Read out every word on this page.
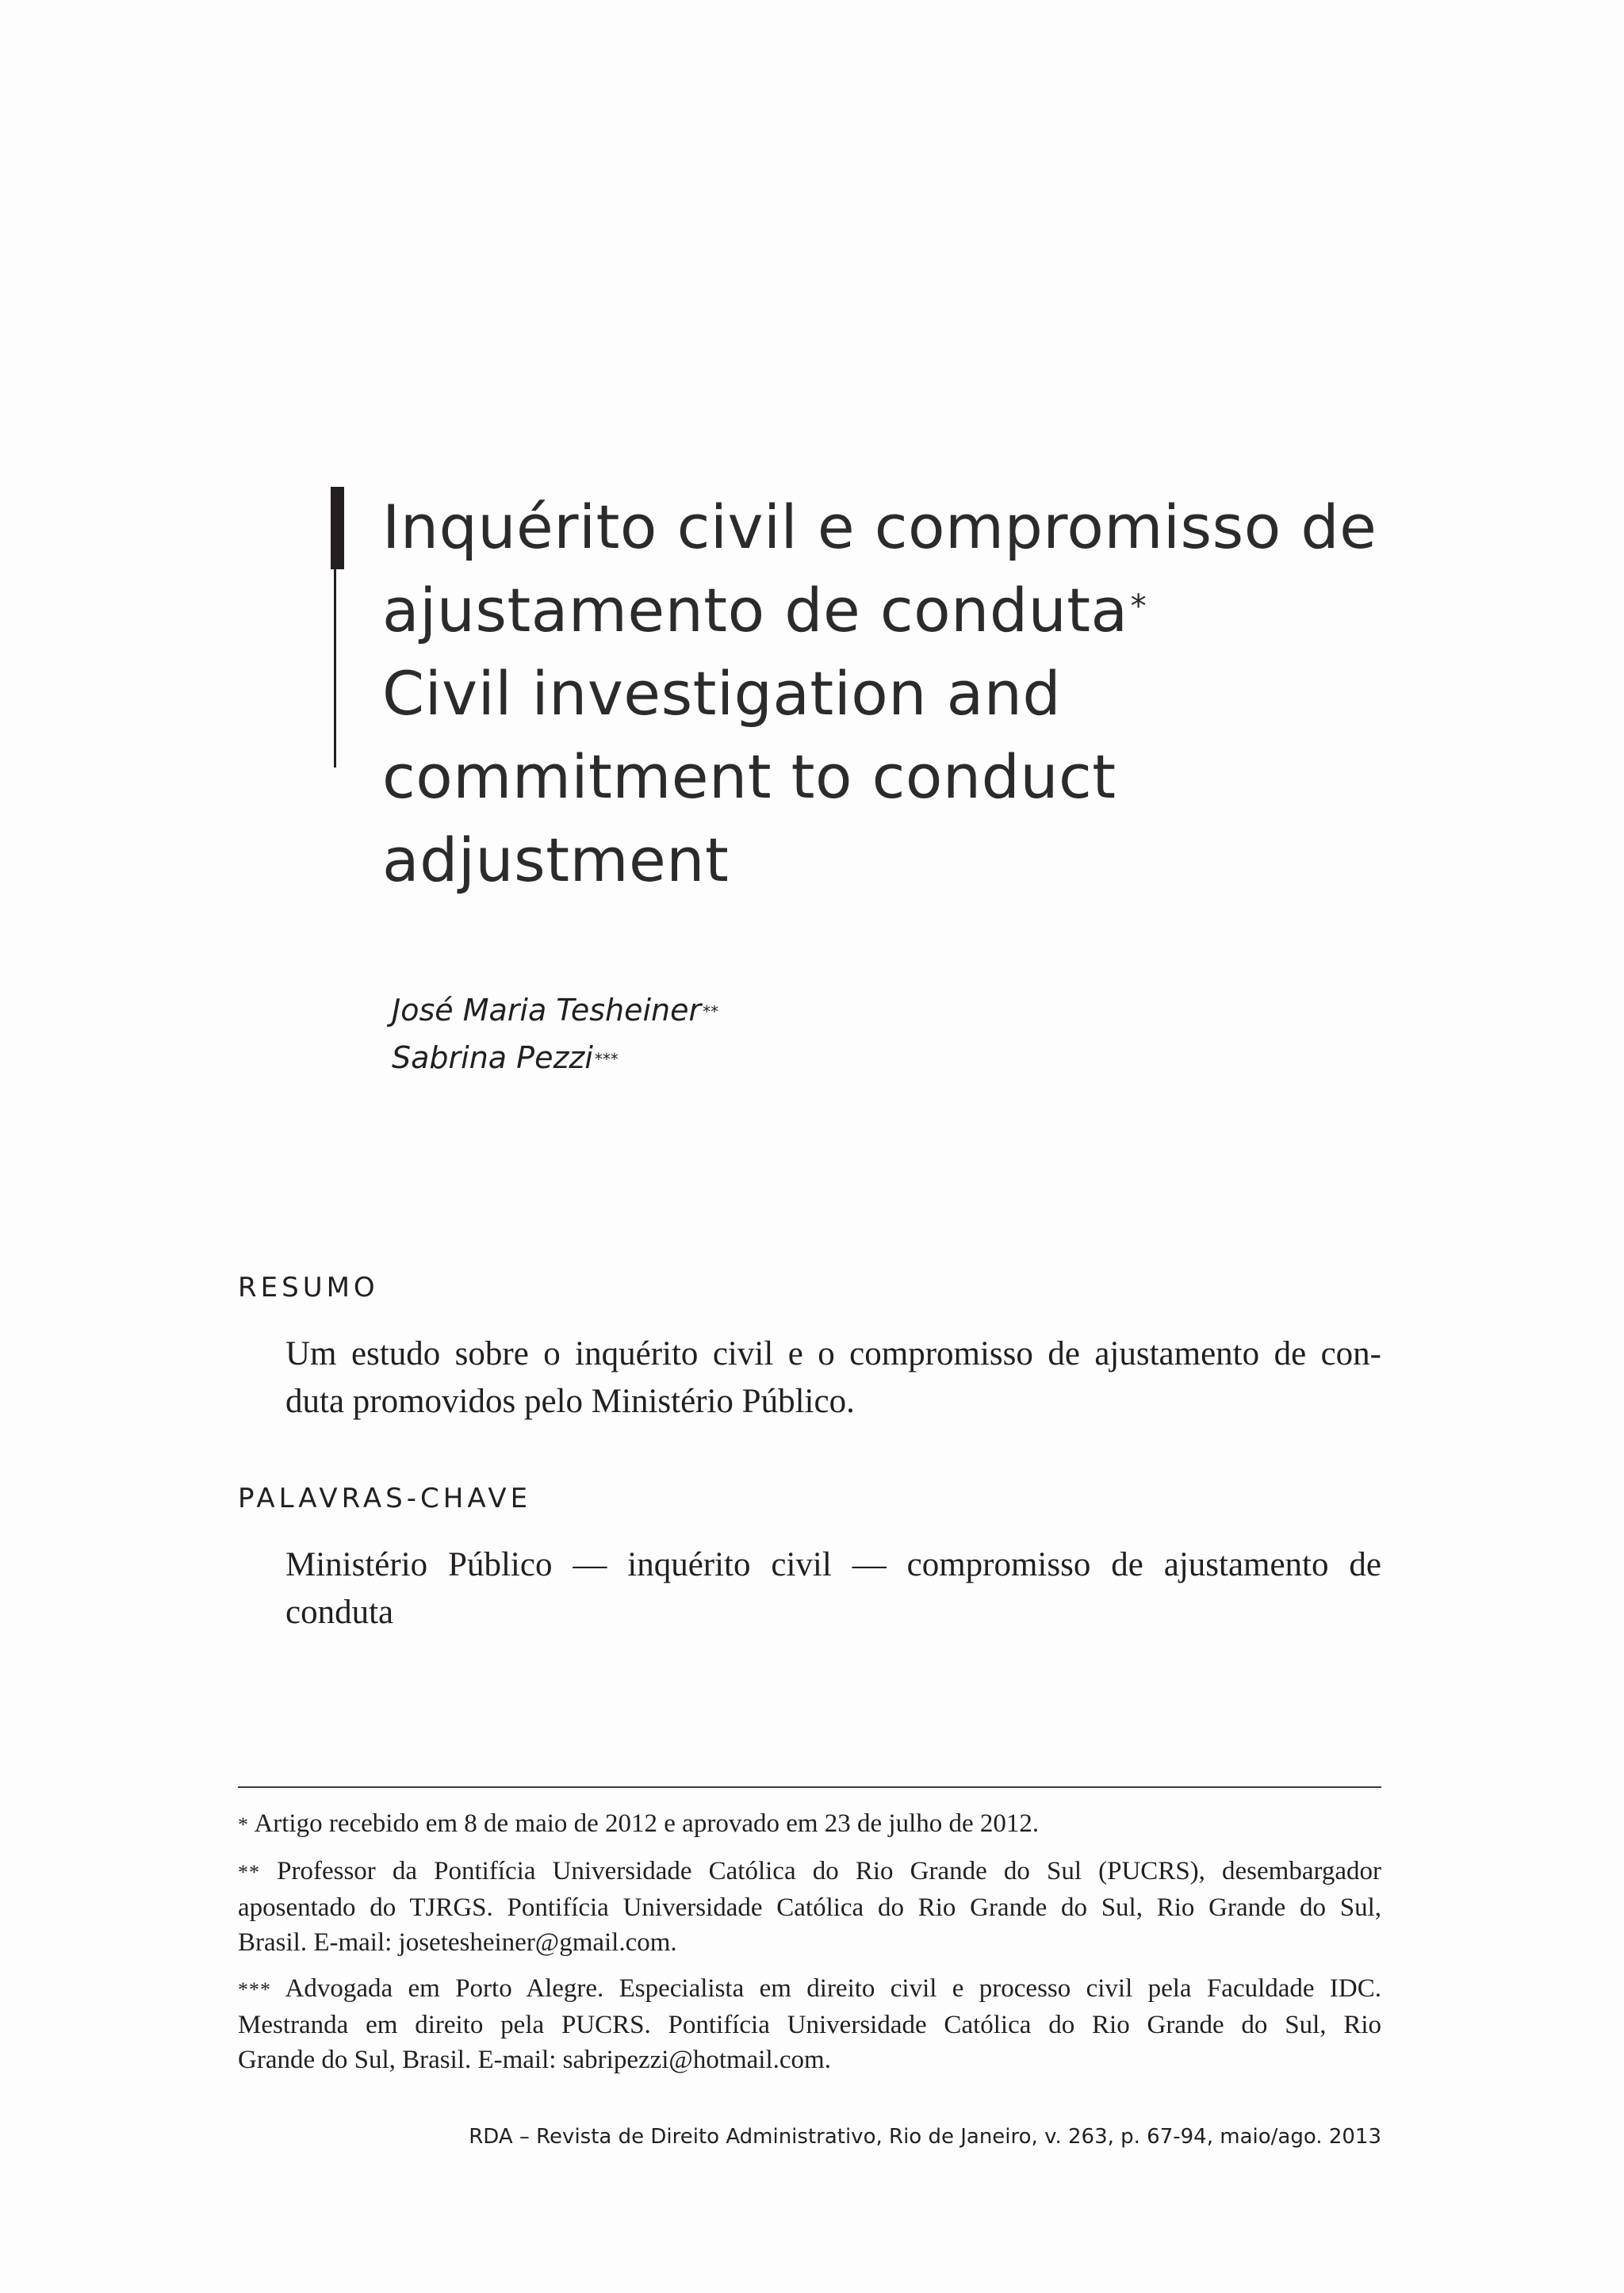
Inquérito civil e compromisso de
ajustamento de conduta*
Civil investigation and
commitment to conduct
adjustment
José Maria Tesheiner **
Sabrina Pezzi ***
RESUMO
Um estudo sobre o inquérito civil e o compromisso de ajustamento de con-
duta promovidos pelo Ministério Público.
PALAVRAS-CHAVE
Ministério Público — inquérito civil — compromisso de ajustamento de
conduta

* Artigo recebido em 8 de maio de 2012 e aprovado em 23 de julho de 2012.

** Professor da Pontifícia Universidade Católica do Rio Grande do Sul (PUCRS), desembargador
aposentado do TJRGS. Pontifícia Universidade Católica do Rio Grande do Sul, Rio Grande do Sul,
Brasil. E-mail: josetesheiner@gmail.com.

*** Advogada em Porto Alegre. Especialista em direito civil e processo civil pela Faculdade IDC.
Mestranda em direito pela PUCRS. Pontifícia Universidade Católica do Rio Grande do Sul, Rio
Grande do Sul, Brasil. E-mail: sabripezzi@hotmail.com.

RDA – Revista de Direito Administrativo, Rio de Janeiro, v. 263, p. 67-94, maio/ago. 2013
